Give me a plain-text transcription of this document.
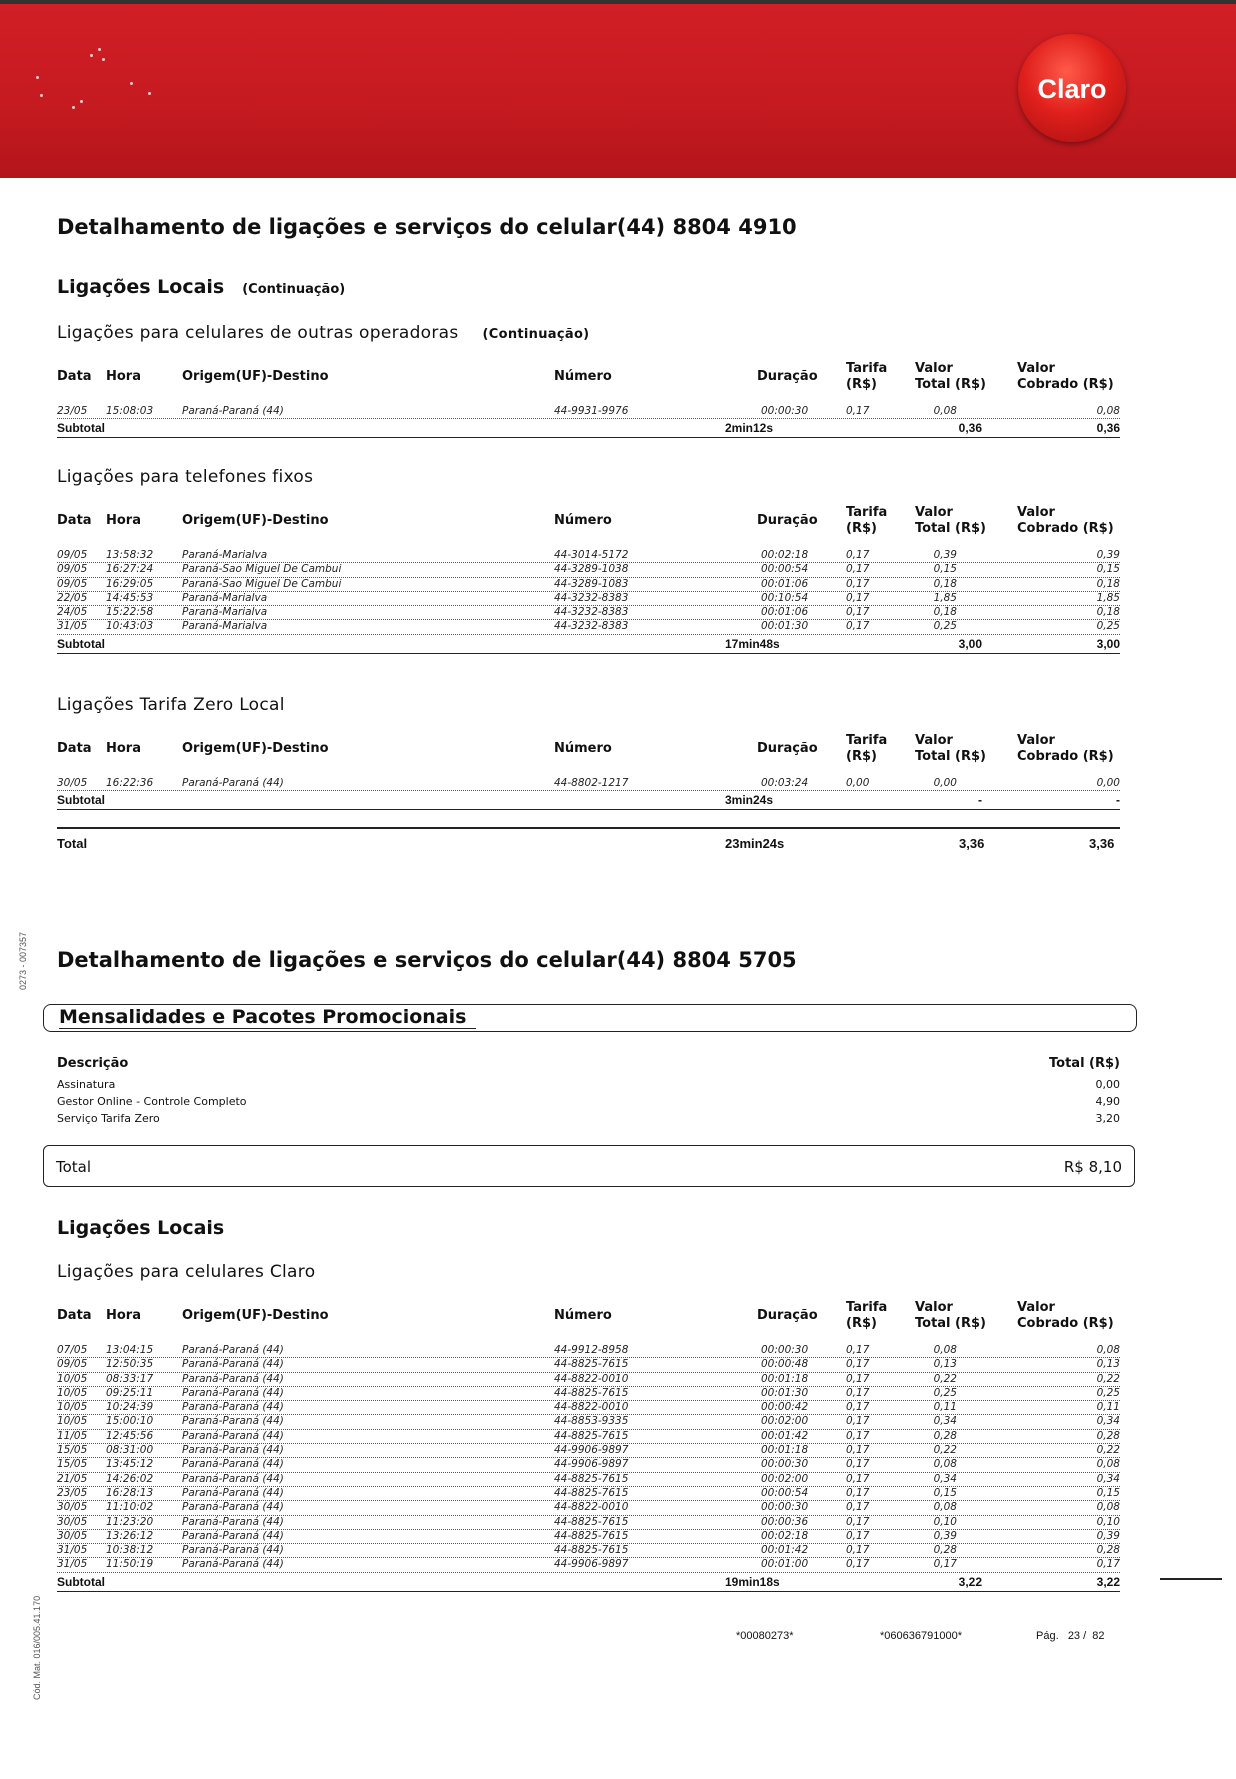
Claro
0273 - 007357
Cód. Mat. 016/005.41.170
Detalhamento de ligações e serviços do celular(44) 8804 4910
Ligações Locais (Continuação)
Ligações para celulares de outras operadoras (Continuação)
Data Hora	Origem(UF)-Destino	Número	Duração
Tarifa
(R$)
Valor
Total (R$)
Valor
Cobrado (R$)
23/05 15:08:03	Paraná-Paraná (44)	44-9931-9976	00:00:30	0,17	0,08	0,08
Subtotal	2min12s	0,36	0,36
Ligações para telefones fixos
Data Hora	Origem(UF)-Destino	Número	Duração
Tarifa
(R$)
Valor
Total (R$)
Valor
Cobrado (R$)
09/05 13:58:32	Paraná-Marialva	44-3014-5172	00:02:18	0,17	0,39	0,39
09/05 16:27:24	Paraná-Sao Miguel De Cambui	44-3289-1038	00:00:54	0,17	0,15	0,15
09/05 16:29:05	Paraná-Sao Miguel De Cambui	44-3289-1083	00:01:06	0,17	0,18	0,18
22/05 14:45:53	Paraná-Marialva	44-3232-8383	00:10:54	0,17	1,85	1,85
24/05 15:22:58	Paraná-Marialva	44-3232-8383	00:01:06	0,17	0,18	0,18
31/05 10:43:03	Paraná-Marialva	44-3232-8383	00:01:30	0,17	0,25	0,25
Subtotal	17min48s	3,00	3,00
Ligações Tarifa Zero Local
Data Hora	Origem(UF)-Destino	Número	Duração
Tarifa
(R$)
Valor
Total (R$)
Valor
Cobrado (R$)
30/05 16:22:36	Paraná-Paraná (44)	44-8802-1217	00:03:24	0,00	0,00	0,00
Subtotal	3min24s	-	-
Total	23min24s	3,36	3,36
Detalhamento de ligações e serviços do celular(44) 8804 5705
Mensalidades e Pacotes Promocionais
Descrição	Total (R$)
Assinatura	0,00
Gestor Online - Controle Completo	4,90
Serviço Tarifa Zero	3,20
Total	R$ 8,10
Ligações Locais
Ligações para celulares Claro
Data Hora	Origem(UF)-Destino	Número	Duração
Tarifa
(R$)
Valor
Total (R$)
Valor
Cobrado (R$)
07/05 13:04:15	Paraná-Paraná (44)	44-9912-8958	00:00:30	0,17	0,08	0,08
09/05 12:50:35	Paraná-Paraná (44)	44-8825-7615	00:00:48	0,17	0,13	0,13
10/05 08:33:17	Paraná-Paraná (44)	44-8822-0010	00:01:18	0,17	0,22	0,22
10/05 09:25:11	Paraná-Paraná (44)	44-8825-7615	00:01:30	0,17	0,25	0,25
10/05 10:24:39	Paraná-Paraná (44)	44-8822-0010	00:00:42	0,17	0,11	0,11
10/05 15:00:10	Paraná-Paraná (44)	44-8853-9335	00:02:00	0,17	0,34	0,34
11/05 12:45:56	Paraná-Paraná (44)	44-8825-7615	00:01:42	0,17	0,28	0,28
15/05 08:31:00	Paraná-Paraná (44)	44-9906-9897	00:01:18	0,17	0,22	0,22
15/05 13:45:12	Paraná-Paraná (44)	44-9906-9897	00:00:30	0,17	0,08	0,08
21/05 14:26:02	Paraná-Paraná (44)	44-8825-7615	00:02:00	0,17	0,34	0,34
23/05 16:28:13	Paraná-Paraná (44)	44-8825-7615	00:00:54	0,17	0,15	0,15
30/05 11:10:02	Paraná-Paraná (44)	44-8822-0010	00:00:30	0,17	0,08	0,08
30/05 11:23:20	Paraná-Paraná (44)	44-8825-7615	00:00:36	0,17	0,10	0,10
30/05 13:26:12	Paraná-Paraná (44)	44-8825-7615	00:02:18	0,17	0,39	0,39
31/05 10:38:12	Paraná-Paraná (44)	44-8825-7615	00:01:42	0,17	0,28	0,28
31/05 11:50:19	Paraná-Paraná (44)	44-9906-9897	00:01:00	0,17	0,17	0,17
Subtotal	19min18s	3,22	3,22
*00080273*	*060636791000*	Pág. 23 / 82
